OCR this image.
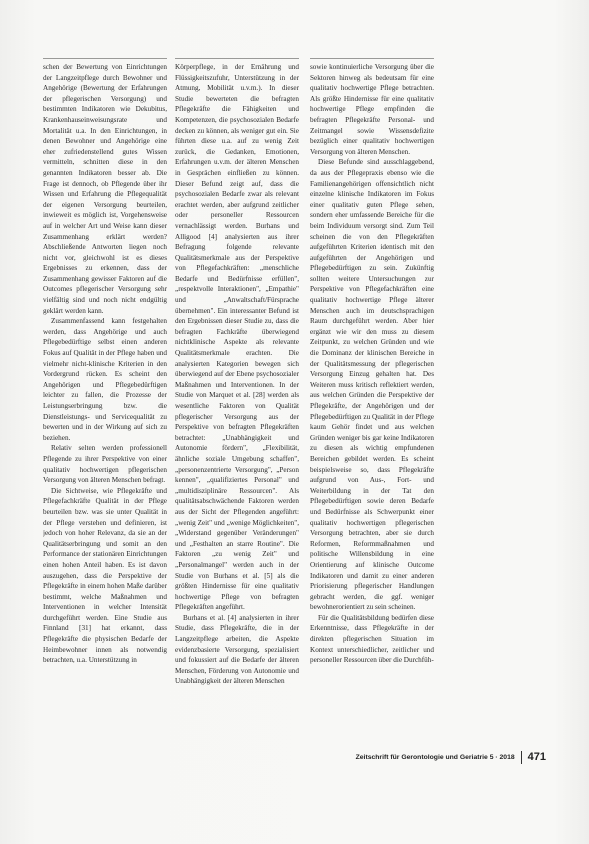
schen der Bewertung von Einrichtungen der Langzeitpflege durch Bewohner und Angehörige (Bewertung der Erfahrungen der pflegerischen Versorgung) und bestimmten Indikatoren wie Dekubitus, Krankenhauseinweisungsrate und Mortalität u.a. In den Einrichtungen, in denen Bewohner und Angehörige eine eher zufriedenstellend gutes Wissen vermitteln, schnitten diese in den genannten Indikatoren besser ab. Die Frage ist dennoch, ob Pflegende über ihr Wissen und Erfahrung die Pflegequalität der eigenen Versorgung beurteilen, inwieweit es möglich ist, Vorgehensweise auf in welcher Art und Weise kann dieser Zusammenhang erklärt werden? Abschließende Antworten liegen noch nicht vor, gleichwohl ist es dieses Ergebnisses zu erkennen, dass der Zusammenhang gewisser Faktoren auf die Outcomes pflegerischer Versorgung sehr vielfältig sind und noch nicht endgültig geklärt werden kann.

Zusammenfassend kann festgehalten werden, dass Angehörige und auch Pflegebedürftige selbst einen anderen Fokus auf Qualität in der Pflege haben und vielmehr nicht-klinische Kriterien in den Vordergrund rücken. Es scheint den Angehörigen und Pflegebedürftigen leichter zu fallen, die Prozesse der Leistungserbringung bzw. die Dienstleistungs- und Servicequalität zu bewerten und in der Wirkung auf sich zu beziehen.

Relativ selten werden professionell Pflegende zu ihrer Perspektive von einer qualitativ hochwertigen pflegerischen Versorgung von älteren Menschen befragt.

Die Sichtweise, wie Pflegekräfte und Pflegefachkräfte Qualität in der Pflege beurteilen bzw. was sie unter Qualität in der Pflege verstehen und definieren, ist jedoch von hoher Relevanz, da sie an der Qualitätserbringung und somit an den Performance der stationären Einrichtungen einen hohen Anteil haben. Es ist davon auszugehen, dass die Perspektive der Pflegekräfte in einem hohen Maße darüber bestimmt, welche Maßnahmen und Interventionen in welcher Intensität durchgeführt werden. Eine Studie aus Finnland [31] hat erkannt, dass Pflegekräfte die physischen Bedarfe der Heimbewohner innen als notwendig betrachten, u.a. Unterstützung in

Körperpflege, in der Ernährung und Flüssigkeitszufuhr, Unterstützung in der Atmung, Mobilität u.v.m.). In dieser Studie bewerteten die befragten Pflegekräfte die Fähigkeiten und Kompetenzen, die psychosozialen Bedarfe decken zu können, als weniger gut ein. Sie führten diese u.a. auf zu wenig Zeit zurück, die Gedanken, Emotionen, Erfahrungen u.v.m. der älteren Menschen in Gesprächen einfließen zu können. Dieser Befund zeigt auf, dass die psychosozialen Bedarfe zwar als relevant erachtet werden, aber aufgrund zeitlicher oder personeller Ressourcen vernachlässigt werden. Burhans und Alligood [4] analysierten aus ihrer Befragung folgende relevante Qualitätsmerkmale aus der Perspektive von Pflegefachkräften: „menschliche Bedarfe und Bedürfnisse erfüllen", „respektvolle Interaktionen", „Empathie" und „Anwaltschaft/Fürsprache übernehmen". Ein interessanter Befund ist den Ergebnissen dieser Studie zu, dass die befragten Fachkräfte überwiegend nichtklinische Aspekte als relevante Qualitätsmerkmale erachten. Die analysierten Kategorien bewegen sich überwiegend auf der Ebene psychosozialer Maßnahmen und Interventionen. In der Studie von Marquet et al. [28] werden als wesentliche Faktoren von Qualität pflegerischer Versorgung aus der Perspektive von befragten Pflegekräften betrachtet: „Unabhängigkeit und Autonomie fördern", „Flexibilität, ähnliche soziale Umgebung schaffen", „personenzentrierte Versorgung", „Person kennen", „qualifiziertes Personal" und „multidisziplinäre Ressourcen". Als qualitätsabschwächende Faktoren werden aus der Sicht der Pflegenden angeführt: „wenig Zeit" und „wenige Möglichkeiten", „Widerstand gegenüber Veränderungen" und „Festhalten an starre Routine". Die Faktoren „zu wenig Zeit" und „Personalmangel" werden auch in der Studie von Burhans et al. [5] als die größten Hindernisse für eine qualitativ hochwertige Pflege von befragten Pflegekräften angeführt.

Burhans et al. [4] analysierten in ihrer Studie, dass Pflegekräfte, die in der Langzeitpflege arbeiten, die Aspekte evidenzbasierte Versorgung, spezialisiert und fokussiert auf die Bedarfe der älteren Menschen, Förderung von Autonomie und Unabhängigkeit der älteren Menschen

sowie kontinuierliche Versorgung über die Sektoren hinweg als bedeutsam für eine qualitativ hochwertige Pflege betrachten. Als größte Hindernisse für eine qualitativ hochwertige Pflege empfinden die befragten Pflegekräfte Personal- und Zeitmangel sowie Wissensdefizite bezüglich einer qualitativ hochwertigen Versorgung von älteren Menschen.

Diese Befunde sind ausschlaggebend, da aus der Pflegepraxis ebenso wie die Familienangehörigen offensichtlich nicht einzelne klinische Indikatoren im Fokus einer qualitativ guten Pflege sehen, sondern eher umfassende Bereiche für die beim Individuum versorgt sind. Zum Teil scheinen die von den Pflegekräften aufgeführten Kriterien identisch mit den aufgeführten der Angehörigen und Pflegebedürftigen zu sein. Zukünftig sollten weitere Untersuchungen zur Perspektive von Pflegefachkräften eine qualitativ hochwertige Pflege älterer Menschen auch im deutschsprachigen Raum durchgeführt werden. Aber hier ergänzt wie wir den muss zu diesem Zeitpunkt, zu welchen Gründen und wie die Dominanz der klinischen Bereiche in der Qualitätsmessung der pflegerischen Versorgung Einzug gehalten hat. Des Weiteren muss kritisch reflektiert werden, aus welchen Gründen die Perspektive der Pflegekräfte, der Angehörigen und der Pflegebedürftigen zu Qualität in der Pflege kaum Gehör findet und aus welchen Gründen weniger bis gar keine Indikatoren zu diesen als wichtig empfundenen Bereichen gebildet werden. Es scheint beispielsweise so, dass Pflegekräfte aufgrund von Aus-, Fort- und Weiterbildung in der Tat den Pflegebedürftigen sowie deren Bedarfe und Bedürfnisse als Schwerpunkt einer qualitativ hochwertigen pflegerischen Versorgung betrachten, aber sie durch Reformen, Reformmaßnahmen und politische Willensbildung in eine Orientierung auf klinische Outcome Indikatoren und damit zu einer anderen Priorisierung pflegerischer Handlungen gebracht werden, die ggf. weniger bewohnerorientiert zu sein scheinen.

Für die Qualitätsbildung bedürfen diese Erkenntnisse, dass Pflegekräfte in der direkten pflegerischen Situation im Kontext unterschiedlicher, zeitlicher und personeller Ressourcen über die Durchfüh-

Zeitschrift für Gerontologie und Geriatrie 5 · 2018 471
